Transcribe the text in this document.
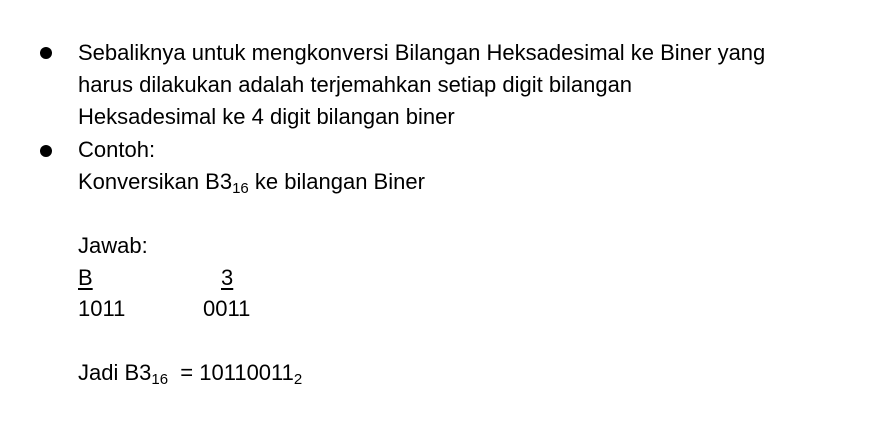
Sebaliknya untuk mengkonversi Bilangan Heksadesimal ke Biner yang
harus dilakukan adalah terjemahkan setiap digit bilangan
Heksadesimal ke 4 digit bilangan biner
Contoh:
Konversikan $B3_{16}$ ke bilangan Biner
Jawab:
B	3
1011	0011
Jadi $B3_{16} = 10110011_2$
